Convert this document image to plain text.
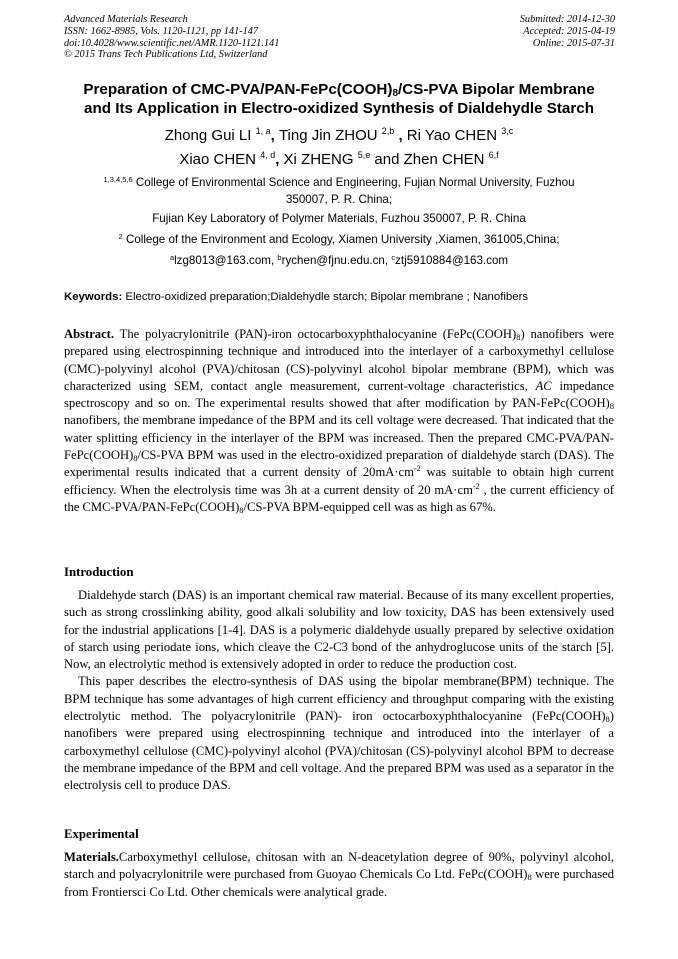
Advanced Materials Research
ISSN: 1662-8985, Vols. 1120-1121, pp 141-147
doi:10.4028/www.scientific.net/AMR.1120-1121.141
© 2015 Trans Tech Publications Ltd, Switzerland
Submitted: 2014-12-30
Accepted: 2015-04-19
Online: 2015-07-31
Preparation of CMC-$PVA/PAN-FePc(COOH)_8/CS$-PVA Bipolar Membrane
and Its Application in Electro-oxidized Synthesis of Dialdehydle Starch
Zhong Gui LI $^{1, a}$, Ting Jin ZHOU $^{2,b}$ , Ri Yao CHEN $^{3,c}$
Xiao CHEN $^{4, d}$, Xi ZHENG $^{5,e}$ and Zhen CHEN $^{6,f}$
$^{1,3,4,5,6}$ College of Environmental Science and Engineering, Fujian Normal University, Fuzhou
350007, P. R. China;
Fujian Key Laboratory of Polymer Materials, Fuzhou 350007, P. R. China
$^2$ College of the Environment and Ecology, Xiamen University ,Xiamen, 361005,China;
$^a$lzg8013@163.com, $^b$rychen@fjnu.edu.cn, $^c$ztj5910884@163.com
Keywords: Electro-oxidized preparation;Dialdehydle starch; Bipolar membrane ; Nanofibers

Abstract. The polyacrylonitrile (PAN)-iron octocarboxyphthalocyanine $(FePc(COOH)_8)$ nanofibers were prepared using electrospinning technique and introduced into the interlayer of a carboxymethyl cellulose (CMC)-polyvinyl alcohol (PVA)/chitosan (CS)-polyvinyl alcohol bipolar membrane (BPM), which was characterized using SEM, contact angle measurement, current-voltage characteristics, AC impedance spectroscopy and so on. The experimental results showed that after modification by PAN-$FePc(COOH)_8$ nanofibers, the membrane impedance of the BPM and its cell voltage were decreased. That indicated that the water splitting efficiency in the interlayer of the BPM was increased. Then the prepared CMC-$PVA/PAN-FePc(COOH)_8/CS$-PVA BPM was used in the electro-oxidized preparation of dialdehyde starch (DAS). The experimental results indicated that a current density of $20mA\cdot cm^{-2}$ was suitable to obtain high current efficiency. When the electrolysis time was 3h at a current density of 20 $mA\cdot cm^{-2}$ , the current efficiency of the CMC-$PVA/PAN-FePc(COOH)_8/CS$-PVA BPM-equipped cell was as high as 67%.

Introduction

Dialdehyde starch (DAS) is an important chemical raw material. Because of its many excellent properties, such as strong crosslinking ability, good alkali solubility and low toxicity, DAS has been extensively used for the industrial applications [1-4]. DAS is a polymeric dialdehyde usually prepared by selective oxidation of starch using periodate ions, which cleave the C2-C3 bond of the anhydroglucose units of the starch [5]. Now, an electrolytic method is extensively adopted in order to reduce the production cost.

This paper describes the electro-synthesis of DAS using the bipolar membrane(BPM) technique. The BPM technique has some advantages of high current efficiency and throughput comparing with the existing electrolytic method. The polyacrylonitrile (PAN)- iron octocarboxyphthalocyanine $(FePc(COOH)_8)$ nanofibers were prepared using electrospinning technique and introduced into the interlayer of a carboxymethyl cellulose (CMC)-polyvinyl alcohol (PVA)/chitosan (CS)-polyvinyl alcohol BPM to decrease the membrane impedance of the BPM and cell voltage. And the prepared BPM was used as a separator in the electrolysis cell to produce DAS.

Experimental

Materials.Carboxymethyl cellulose, chitosan with an N-deacetylation degree of 90%, polyvinyl alcohol, starch and polyacrylonitrile were purchased from Guoyao Chemicals Co Ltd. $FePc(COOH)_8$ were purchased from Frontiersci Co Ltd. Other chemicals were analytical grade.
